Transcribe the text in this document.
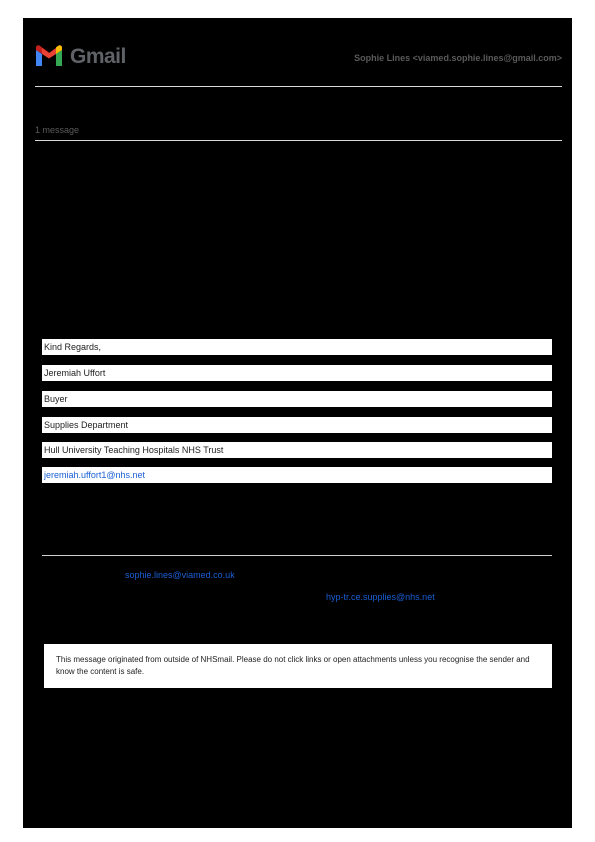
Gmail	Sophie Lines <viamed.sophie.lines@gmail.com>
1 message
Kind Regards,
Jeremiah Uffort
Buyer
Supplies Department
Hull University Teaching Hospitals NHS Trust
jeremiah.uffort1@nhs.net
sophie.lines@viamed.co.uk
hyp-tr.ce.supplies@nhs.net
This message originated from outside of NHSmail. Please do not click links or open attachments unless you recognise the sender and know the content is safe.
